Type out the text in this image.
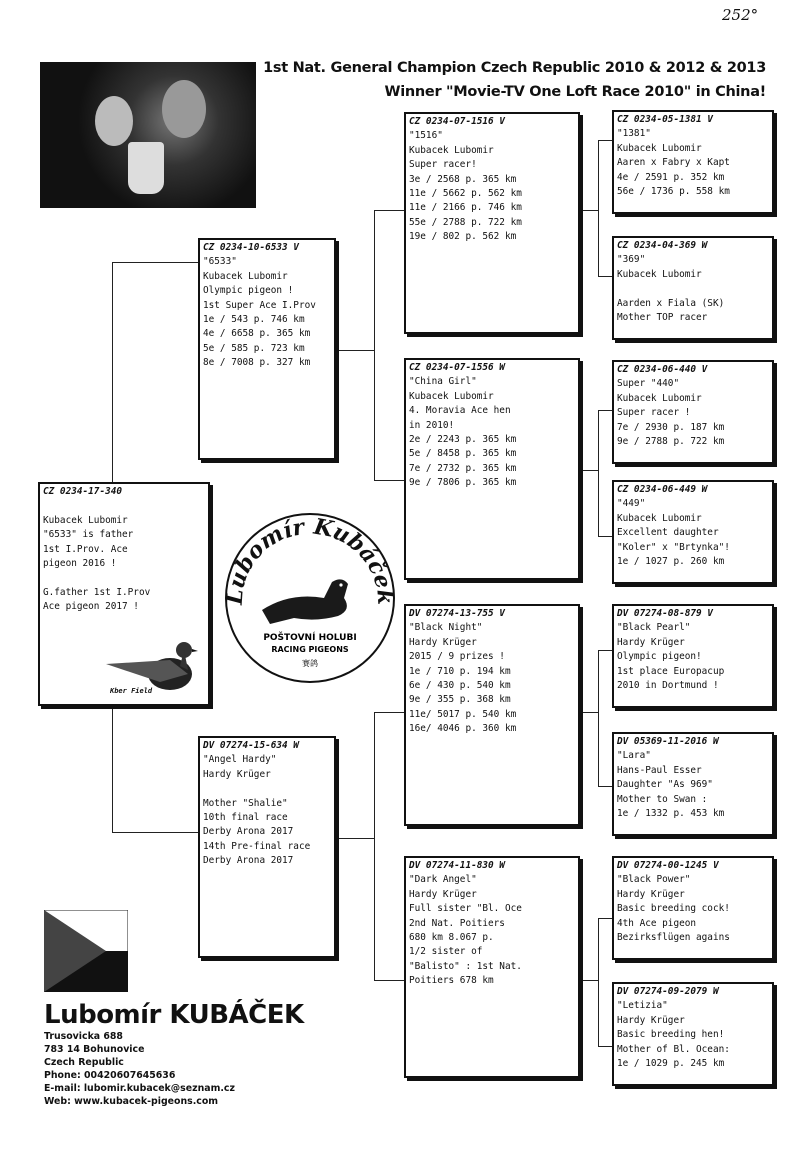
252°
1st Nat. General Champion Czech Republic 2010 & 2012 & 2013
Winner "Movie-TV One Loft Race 2010" in China!
CZ 0234-17-340
Kubacek Lubomir
"6533" is father
1st I.Prov. Ace
pigeon 2016 !
G.father 1st I.Prov
Ace pigeon 2017 !
Kber Field
CZ 0234-10-6533 V
"6533"
Kubacek Lubomir
Olympic pigeon !
1st Super Ace I.Prov
1e / 543 p. 746 km
4e / 6658 p. 365 km
5e / 585 p. 723 km
8e / 7008 p. 327 km
DV 07274-15-634 W
"Angel Hardy"
Hardy Krüger
Mother "Shalie"
10th final race
Derby Arona 2017
14th Pre-final race
Derby Arona 2017
CZ 0234-07-1516 V
"1516"
Kubacek Lubomir
Super racer!
3e / 2568 p. 365 km
11e / 5662 p. 562 km
11e / 2166 p. 746 km
55e / 2788 p. 722 km
19e / 802 p. 562 km
CZ 0234-07-1556 W
"China Girl"
Kubacek Lubomir
4. Moravia Ace hen
in 2010!
2e / 2243 p. 365 km
5e / 8458 p. 365 km
7e / 2732 p. 365 km
9e / 7806 p. 365 km
DV 07274-13-755 V
"Black Night"
Hardy Krüger
2015 / 9 prizes !
1e / 710 p. 194 km
6e / 430 p. 540 km
9e / 355 p. 368 km
11e/ 5017 p. 540 km
16e/ 4046 p. 360 km
DV 07274-11-830 W
"Dark Angel"
Hardy Krüger
Full sister "Bl. Oce
2nd Nat. Poitiers
680 km 8.067 p.
1/2 sister of
"Balisto" : 1st Nat.
Poitiers 678 km
CZ 0234-05-1381 V
"1381"
Kubacek Lubomir
Aaren x Fabry x Kapt
4e / 2591 p. 352 km
56e / 1736 p. 558 km
CZ 0234-04-369 W
"369"
Kubacek Lubomir
Aarden x Fiala (SK)
Mother TOP racer
CZ 0234-06-440 V
Super "440"
Kubacek Lubomir
Super racer !
7e / 2930 p. 187 km
9e / 2788 p. 722 km
CZ 0234-06-449 W
"449"
Kubacek Lubomir
Excellent daughter
"Koler" x "Brtynka"!
1e / 1027 p. 260 km
DV 07274-08-879 V
"Black Pearl"
Hardy Krüger
Olympic pigeon!
1st place Europacup
2010 in Dortmund !
DV 05369-11-2016 W
"Lara"
Hans-Paul Esser
Daughter "As 969"
Mother to Swan :
1e / 1332 p. 453 km
DV 07274-00-1245 V
"Black Power"
Hardy Krüger
Basic breeding cock!
4th Ace pigeon
Bezirksflügen agains
DV 07274-09-2079 W
"Letizia"
Hardy Krüger
Basic breeding hen!
Mother of Bl. Ocean:
1e / 1029 p. 245 km
Lubomír Kubáček
POŠTOVNÍ HOLUBI
RACING PIGEONS
赛鸽
Lubomír KUBÁČEK
Trusovicka 688
783 14 Bohunovice
Czech Republic
Phone: 00420607645636
E-mail: lubomir.kubacek@seznam.cz
Web: www.kubacek-pigeons.com
